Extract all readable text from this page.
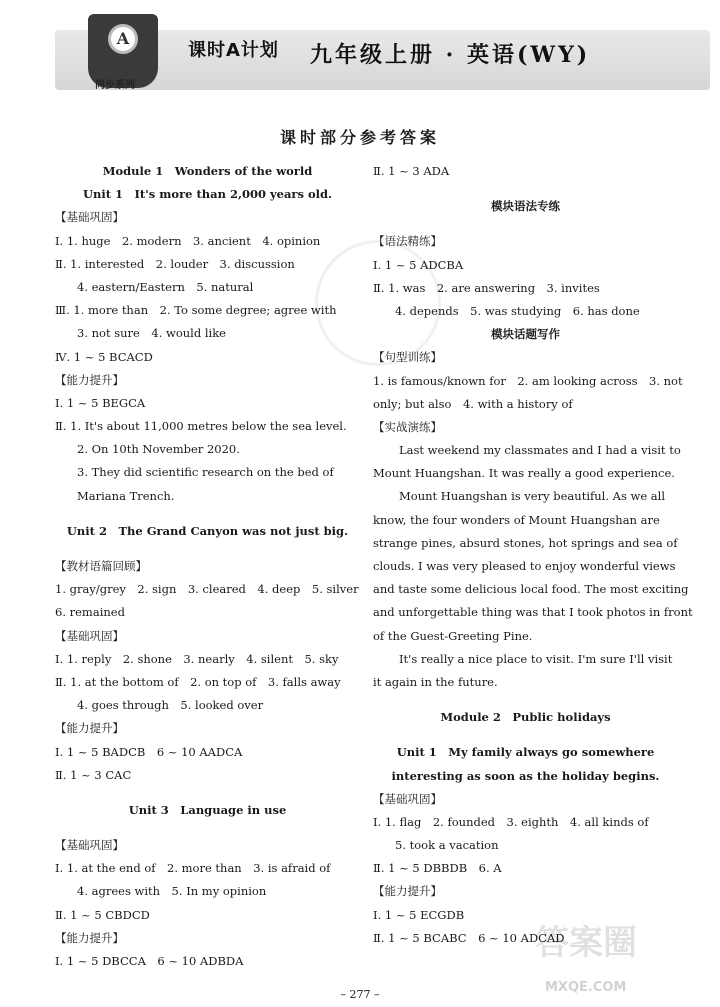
A
同步系列
课时A计划 九年级上册 · 英语(WY)
课时部分参考答案
Module 1　Wonders of the world
Unit 1　It's more than 2,000 years old.
【基础巩固】
Ⅰ. 1. huge　2. modern　3. ancient　4. opinion
Ⅱ. 1. interested　2. louder　3. discussion
4. eastern/Eastern　5. natural
Ⅲ. 1. more than　2. To some degree; agree with
3. not sure　4. would like
Ⅳ. 1 ~ 5 BCACD
【能力提升】
Ⅰ. 1 ~ 5 BEGCA
Ⅱ. 1. It's about 11,000 metres below the sea level.
2. On 10th November 2020.
3. They did scientific research on the bed of
Mariana Trench.
Unit 2　The Grand Canyon was not just big.
【教材语篇回顾】
1. gray/grey　2. sign　3. cleared　4. deep　5. silver
6. remained
【基础巩固】
Ⅰ. 1. reply　2. shone　3. nearly　4. silent　5. sky
Ⅱ. 1. at the bottom of　2. on top of　3. falls away
4. goes through　5. looked over
【能力提升】
Ⅰ. 1 ~ 5 BADCB　6 ~ 10 AADCA
Ⅱ. 1 ~ 3 CAC
Unit 3　Language in use
【基础巩固】
Ⅰ. 1. at the end of　2. more than　3. is afraid of
4. agrees with　5. In my opinion
Ⅱ. 1 ~ 5 CBDCD
【能力提升】
Ⅰ. 1 ~ 5 DBCCA　6 ~ 10 ADBDA
Ⅱ. 1 ~ 3 ADA
模块语法专练
【语法精练】
Ⅰ. 1 ~ 5 ADCBA
Ⅱ. 1. was　2. are answering　3. invites
4. depends　5. was studying　6. has done
模块话题写作
【句型训练】
1. is famous/known for　2. am looking across　3. not
only; but also　4. with a history of
【实战演练】
Last weekend my classmates and I had a visit to
Mount Huangshan. It was really a good experience.
Mount Huangshan is very beautiful. As we all
know, the four wonders of Mount Huangshan are
strange pines, absurd stones, hot springs and sea of
clouds. I was very pleased to enjoy wonderful views
and taste some delicious local food. The most exciting
and unforgettable thing was that I took photos in front
of the Guest-Greeting Pine.
It's really a nice place to visit. I'm sure I'll visit
it again in the future.
Module 2　Public holidays
Unit 1　My family always go somewhere
interesting as soon as the holiday begins.
【基础巩固】
Ⅰ. 1. flag　2. founded　3. eighth　4. all kinds of
5. took a vacation
Ⅱ. 1 ~ 5 DBBDB　6. A
【能力提升】
Ⅰ. 1 ~ 5 ECGDB
Ⅱ. 1 ~ 5 BCABC　6 ~ 10 ADCAD
答案圈
MXQE.COM
– 277 –
